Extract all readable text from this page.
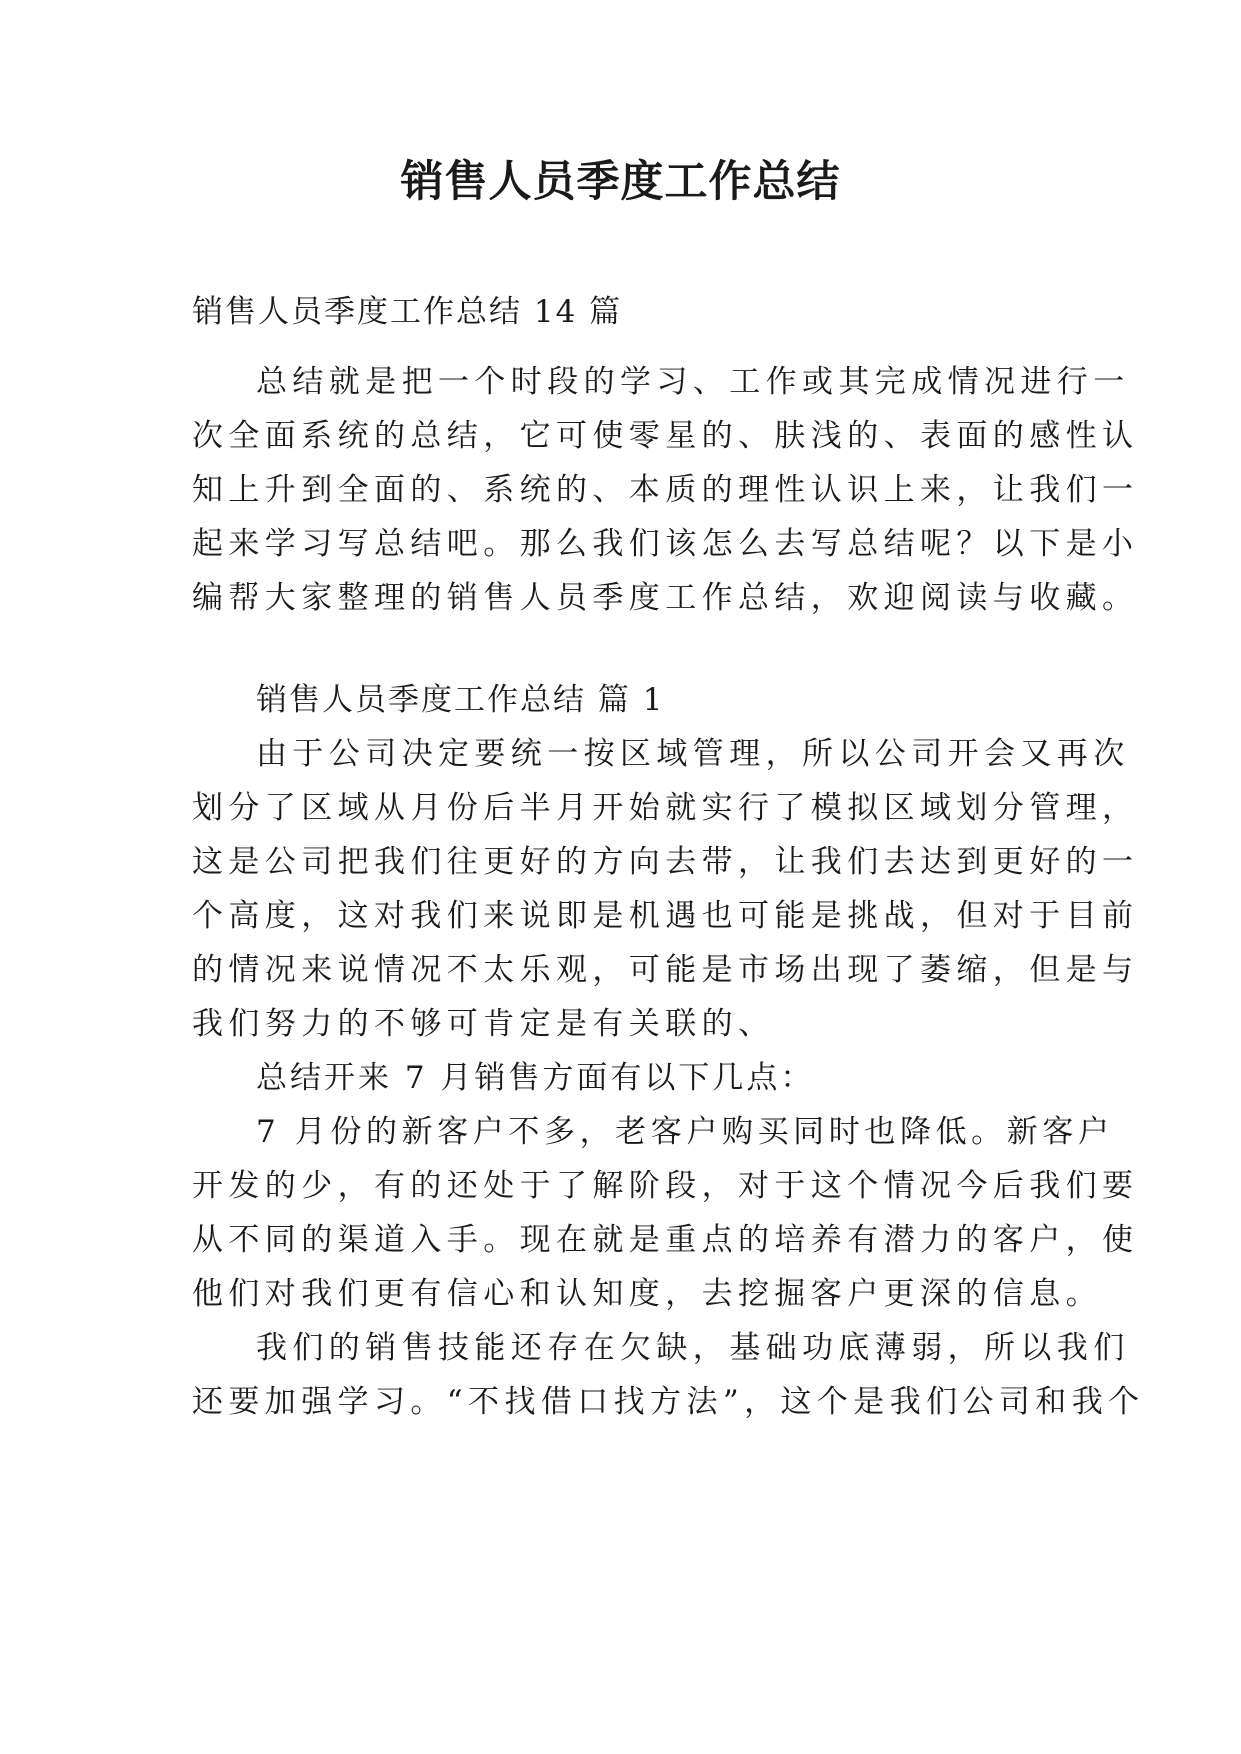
销售人员季度工作总结
销售人员季度工作总结 14 篇
总结就是把一个时段的学习、工作或其完成情况进行一
次全面系统的总结，它可使零星的、肤浅的、表面的感性认
知上升到全面的、系统的、本质的理性认识上来，让我们一
起来学习写总结吧。那么我们该怎么去写总结呢？以下是小
编帮大家整理的销售人员季度工作总结，欢迎阅读与收藏。
销售人员季度工作总结 篇 1
由于公司决定要统一按区域管理，所以公司开会又再次
划分了区域从月份后半月开始就实行了模拟区域划分管理，
这是公司把我们往更好的方向去带，让我们去达到更好的一
个高度，这对我们来说即是机遇也可能是挑战，但对于目前
的情况来说情况不太乐观，可能是市场出现了萎缩，但是与
我们努力的不够可肯定是有关联的、
总结开来 7 月销售方面有以下几点：
7 月份的新客户不多，老客户购买同时也降低。新客户
开发的少，有的还处于了解阶段，对于这个情况今后我们要
从不同的渠道入手。现在就是重点的培养有潜力的客户，使
他们对我们更有信心和认知度，去挖掘客户更深的信息。
我们的销售技能还存在欠缺，基础功底薄弱，所以我们
还要加强学习。“不找借口找方法”，这个是我们公司和我个
